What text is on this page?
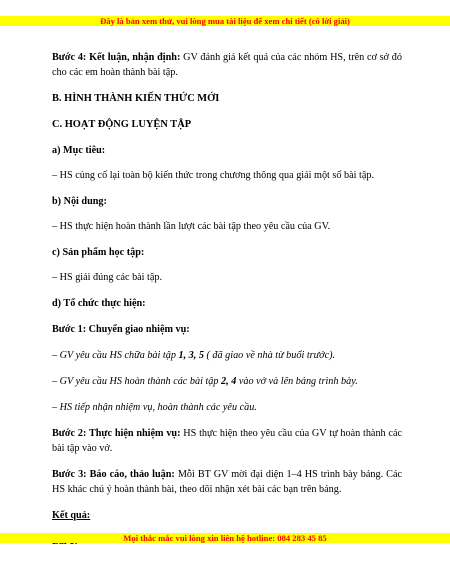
Đây là bản xem thử, vui lòng mua tài liệu để xem chi tiết (có lời giải)

Bước 4: Kết luận, nhận định: GV đánh giá kết quả của các nhóm HS, trên cơ sở đó cho các em hoàn thành bài tập.

B. HÌNH THÀNH KIẾN THỨC MỚI

C. HOẠT ĐỘNG LUYỆN TẬP

a) Mục tiêu:

– HS củng cố lại toàn bộ kiến thức trong chương thông qua giải một số bài tập.

b) Nội dung:

– HS thực hiện hoàn thành lần lượt các bài tập theo yêu cầu của GV.

c) Sản phẩm học tập:

– HS giải đúng các bài tập.

d) Tổ chức thực hiện:

Bước 1: Chuyển giao nhiệm vụ:

– GV yêu cầu HS chữa bài tập 1, 3, 5 ( đã giao về nhà từ buổi trước).

– GV yêu cầu HS hoàn thành các bài tập 2, 4 vào vở và lên bảng trình bày.

– HS tiếp nhận nhiệm vụ, hoàn thành các yêu cầu.

Bước 2: Thực hiện nhiệm vụ: HS thực hiện theo yêu cầu của GV tự hoàn thành các bài tập vào vở.

Bước 3: Báo cáo, thảo luận: Mỗi BT GV mời đại diện 1–4 HS trình bày bảng. Các HS khác chú ý hoàn thành bài, theo dõi nhận xét bài các bạn trên bảng.

Kết quả:

Mọi thắc mắc vui lòng xin liên hệ hotline: 084 283 45 85
